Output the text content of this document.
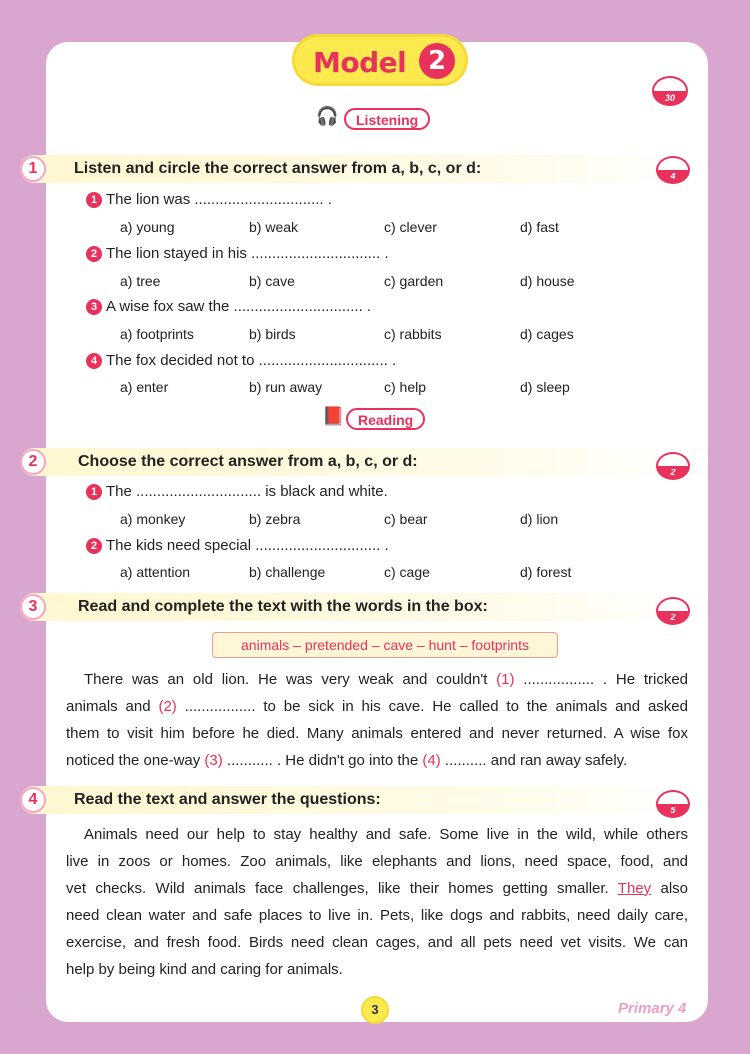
Model 2
30
🎧	Listening
1	Listen and circle the correct answer from a, b, c, or d:	4
1 The lion was ............................... .
a) young	b) weak	c) clever	d) fast
2 The lion stayed in his ............................... .
a) tree	b) cave	c) garden	d) house
3 A wise fox saw the ............................... .
a) footprints	b) birds	c) rabbits	d) cages
4 The fox decided not to ............................... .
a) enter	b) run away	c) help	d) sleep
📕 Reading
2	Choose the correct answer from a, b, c, or d:
2
1 The .............................. is black and white.
a) monkey	b) zebra	c) bear	d) lion
2 The kids need special .............................. .
a) attention	b) challenge	c) cage	d) forest
3	Read and complete the text with the words in the box:
2
animals – pretended – cave – hunt – footprints
There was an old lion. He was very weak and couldn't (1) ................. . He tricked
animals and (2) ................. to be sick in his cave. He called to the animals and asked
them to visit him before he died. Many animals entered and never returned. A wise fox
noticed the one-way (3) ........... . He didn't go into the (4) .......... and ran away safely.
4	Read the text and answer the questions:
5
Animals need our help to stay healthy and safe. Some live in the wild, while others
live in zoos or homes. Zoo animals, like elephants and lions, need space, food, and
vet checks. Wild animals face challenges, like their homes getting smaller. They also
need clean water and safe places to live in. Pets, like dogs and rabbits, need daily care,
exercise, and fresh food. Birds need clean cages, and all pets need vet visits. We can
help by being kind and caring for animals.
3	Primary 4
